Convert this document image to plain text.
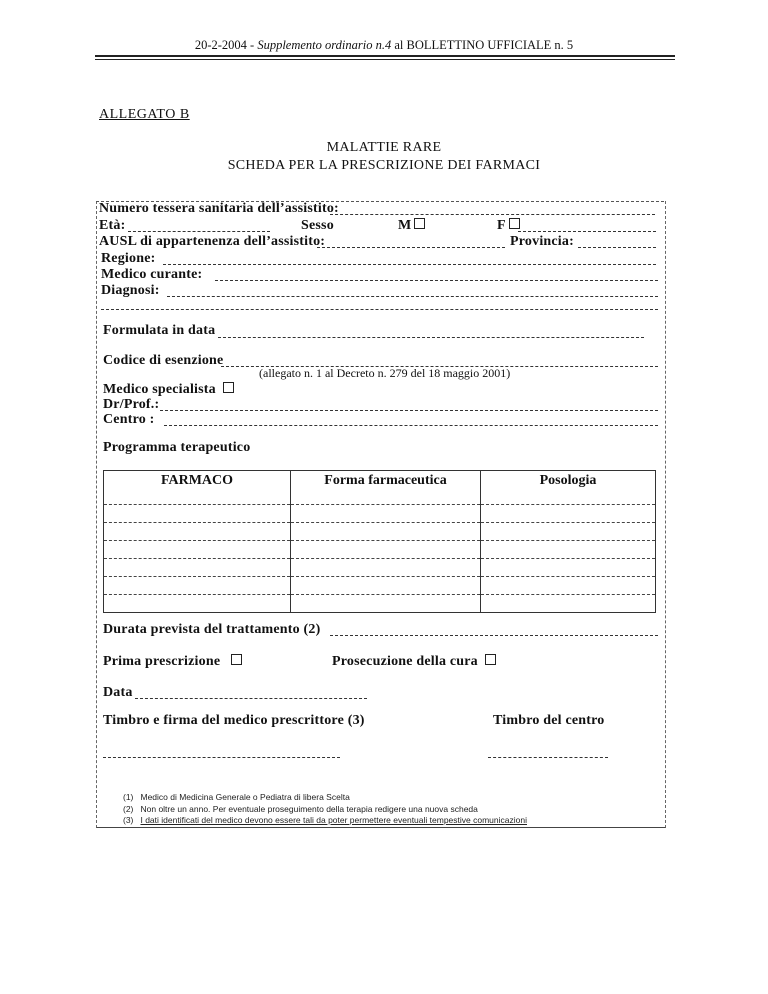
20-2-2004 - Supplemento ordinario n.4 al BOLLETTINO UFFICIALE n. 5
ALLEGATO B
MALATTIE RARE
SCHEDA PER LA PRESCRIZIONE DEI FARMACI
Numero tessera sanitaria dell’assistito:
Età:	Sesso	M	F
AUSL di appartenenza dell’assistito:	Provincia:
Regione:
Medico curante:
Diagnosi:
Formulata in data
Codice di esenzione
(allegato n. 1 al Decreto n. 279 del 18 maggio 2001)
Medico specialista
Dr/Prof.:
Centro :
Programma terapeutico
FARMACO	Forma farmaceutica	Posologia

Durata prevista del trattamento (2)
Prima prescrizione	Prosecuzione della cura
Data
Timbro e firma del medico prescrittore (3)	Timbro del centro
(1) Medico di Medicina Generale o Pediatra di libera Scelta
(2) Non oltre un anno. Per eventuale proseguimento della terapia redigere una nuova scheda
(3) I dati identificati del medico devono essere tali da poter permettere eventuali tempestive comunicazioni
